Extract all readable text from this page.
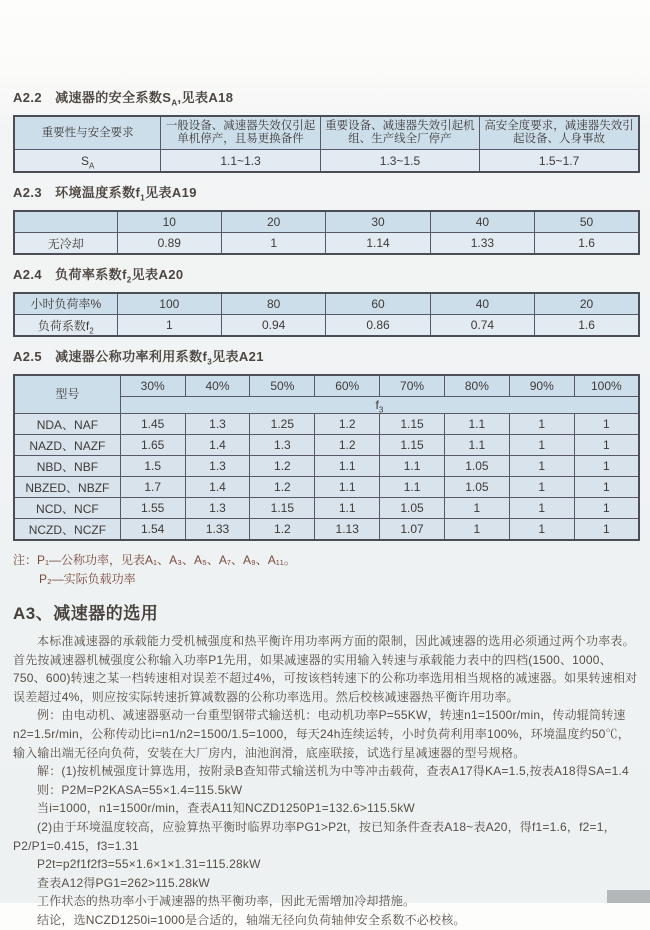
A2.2 减速器的安全系数$S_A$,见表A18
重要性与安全要求	一般设备、减速器失效仅引起单机停产，且易更换备件	重要设备、减速器失效引起机组、生产线全厂停产	高安全度要求，减速器失效引起设备、人身事故
$S_A$	1.1~1.3	1.3~1.5	1.5~1.7
A2.3 环境温度系数$f_1$见表A19
	10	20	30	40	50
无冷却	0.89	1	1.14	1.33	1.6
A2.4 负荷率系数$f_2$见表A20
小时负荷率%	100	80	60	40	20
负荷系数$f_2$	1	0.94	0.86	0.74	1.6
A2.5 减速器公称功率利用系数$f_3$见表A21
型号	30%	40%	50%	60%	70%	80%	90%	100%
	$f_3$
NDA、NAF	1.45	1.3	1.25	1.2	1.15	1.1	1	1
NAZD、NAZF	1.65	1.4	1.3	1.2	1.15	1.1	1	1
NBD、NBF	1.5	1.3	1.2	1.1	1.1	1.05	1	1
NBZED、NBZF	1.7	1.4	1.2	1.1	1.1	1.05	1	1
NCD、NCF	1.55	1.3	1.15	1.1	1.05	1	1	1
NCZD、NCZF	1.54	1.33	1.2	1.13	1.07	1	1	1
注：P₁—公称功率，见表A₁、A₃、A₅、A₇、A₉、A₁₁。
P₂—实际负载功率
A3、减速器的选用

本标准减速器的承载能力受机械强度和热平衡许用功率两方面的限制，因此减速器的选用必须通过两个功率表。首先按减速器机械强度公称输入功率P1先用，如果减速器的实用输入转速与承载能力表中的四档(1500、1000、750、600)转速之某一档转速相对误差不超过4%，可按该档转速下的公称功率选用相当规格的减速器。如果转速相对误差超过4%，则应按实际转速折算减数器的公称功率选用。然后校核减速器热平衡许用功率。

例：由电动机、减速器驱动一台重型钢带式输送机：电动机功率P=55KW，转速n1=1500r/min，传动辊筒转速n2=1.5r/min，公称传动比i=n1/n2=1500/1.5=1000，每天24h连续运转，小时负荷利用率100%，环境温度约50℃，输入输出端无径向负荷，安装在大厂房内，油池润滑，底座联接，试选行星减速器的型号规格。

解：(1)按机械强度计算选用，按附录B查知带式输送机为中等冲击载荷，查表A17得KA=1.5,按表A18得SA=1.4

则：P2M=P2KASA=55×1.4=115.5kW

当i=1000，n1=1500r/min，查表A11知NCZD1250P1=132.6>115.5kW

(2)由于环境温度较高，应验算热平衡时临界功率PG1>P2t，按已知条件查表A18~表A20，得f1=1.6，f2=1，P2/P1=0.415，f3=1.31

P2t=p2f1f2f3=55×1.6×1×1.31=115.28kW

查表A12得PG1=262>115.28kW

工作状态的热功率小于减速器的热平衡功率，因此无需增加冷却措施。

结论，选NCZD1250i=1000是合适的，轴端无径向负荷轴伸安全系数不必校核。
